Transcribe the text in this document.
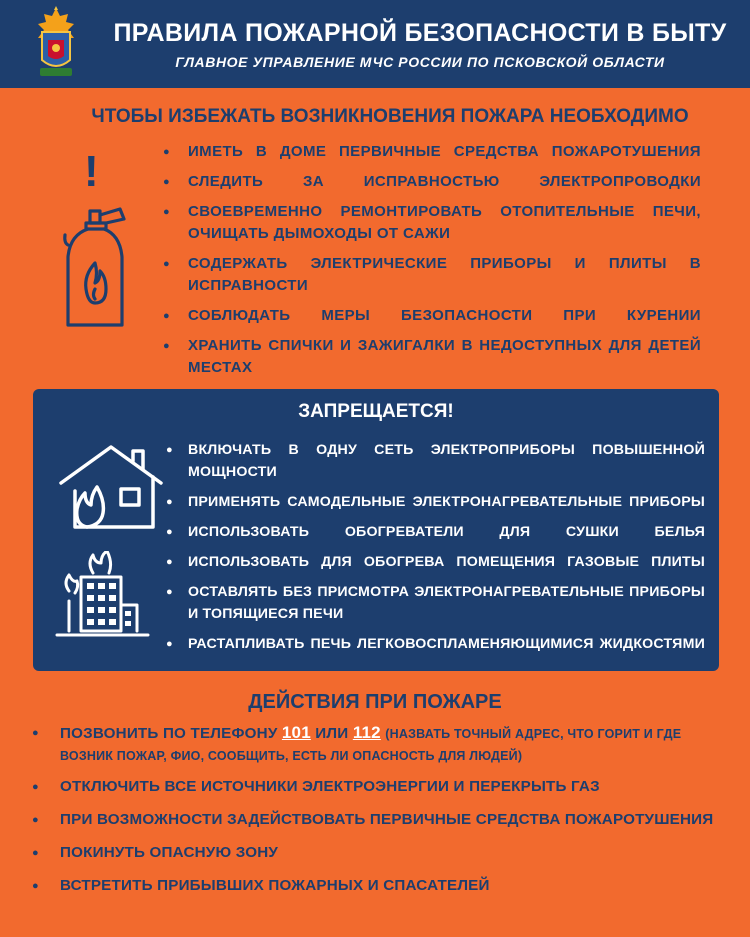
ПРАВИЛА ПОЖАРНОЙ БЕЗОПАСНОСТИ В БЫТУ

ГЛАВНОЕ УПРАВЛЕНИЕ МЧС РОССИИ ПО ПСКОВСКОЙ ОБЛАСТИ

ЧТОБЫ ИЗБЕЖАТЬ ВОЗНИКНОВЕНИЯ ПОЖАРА НЕОБХОДИМО
!
●	ИМЕТЬ В ДОМЕ ПЕРВИЧНЫЕ СРЕДСТВА ПОЖАРОТУШЕНИЯ
● СЛЕДИТЬ ЗА ИСПРАВНОСТЬЮ ЭЛЕКТРОПРОВОДКИ
● СВОЕВРЕМЕННО РЕМОНТИРОВАТЬ ОТОПИТЕЛЬНЫЕ ПЕЧИ, ОЧИЩАТЬ ДЫМОХОДЫ ОТ САЖИ
● СОДЕРЖАТЬ ЭЛЕКТРИЧЕСКИЕ ПРИБОРЫ И ПЛИТЫ В ИСПРАВНОСТИ
● СОБЛЮДАТЬ МЕРЫ БЕЗОПАСНОСТИ ПРИ КУРЕНИИ
● ХРАНИТЬ СПИЧКИ И ЗАЖИГАЛКИ В НЕДОСТУПНЫХ ДЛЯ ДЕТЕЙ МЕСТАХ
ЗАПРЕЩАЕТСЯ!
● ВКЛЮЧАТЬ В ОДНУ СЕТЬ ЭЛЕКТРОПРИБОРЫ ПОВЫШЕННОЙ МОЩНОСТИ
● ПРИМЕНЯТЬ САМОДЕЛЬНЫЕ ЭЛЕКТРОНАГРЕВАТЕЛЬНЫЕ ПРИБОРЫ
● ИСПОЛЬЗОВАТЬ ОБОГРЕВАТЕЛИ ДЛЯ СУШКИ БЕЛЬЯ
● ИСПОЛЬЗОВАТЬ ДЛЯ ОБОГРЕВА ПОМЕЩЕНИЯ ГАЗОВЫЕ ПЛИТЫ
● ОСТАВЛЯТЬ БЕЗ ПРИСМОТРА ЭЛЕКТРОНАГРЕВАТЕЛЬНЫЕ ПРИБОРЫ И ТОПЯЩИЕСЯ ПЕЧИ
● РАСТАПЛИВАТЬ ПЕЧЬ ЛЕГКОВОСПЛАМЕНЯЮЩИМИСЯ ЖИДКОСТЯМИ
ДЕЙСТВИЯ ПРИ ПОЖАРЕ
● ПОЗВОНИТЬ ПО ТЕЛЕФОНУ 101 ИЛИ 112 (НАЗВАТЬ ТОЧНЫЙ АДРЕС, ЧТО ГОРИТ И ГДЕ ВОЗНИК ПОЖАР, ФИО, СООБЩИТЬ, ЕСТЬ ЛИ ОПАСНОСТЬ ДЛЯ ЛЮДЕЙ)
● ОТКЛЮЧИТЬ ВСЕ ИСТОЧНИКИ ЭЛЕКТРОЭНЕРГИИ И ПЕРЕКРЫТЬ ГАЗ
● ПРИ ВОЗМОЖНОСТИ ЗАДЕЙСТВОВАТЬ ПЕРВИЧНЫЕ СРЕДСТВА ПОЖАРОТУШЕНИЯ
● ПОКИНУТЬ ОПАСНУЮ ЗОНУ
● ВСТРЕТИТЬ ПРИБЫВШИХ ПОЖАРНЫХ И СПАСАТЕЛЕЙ
